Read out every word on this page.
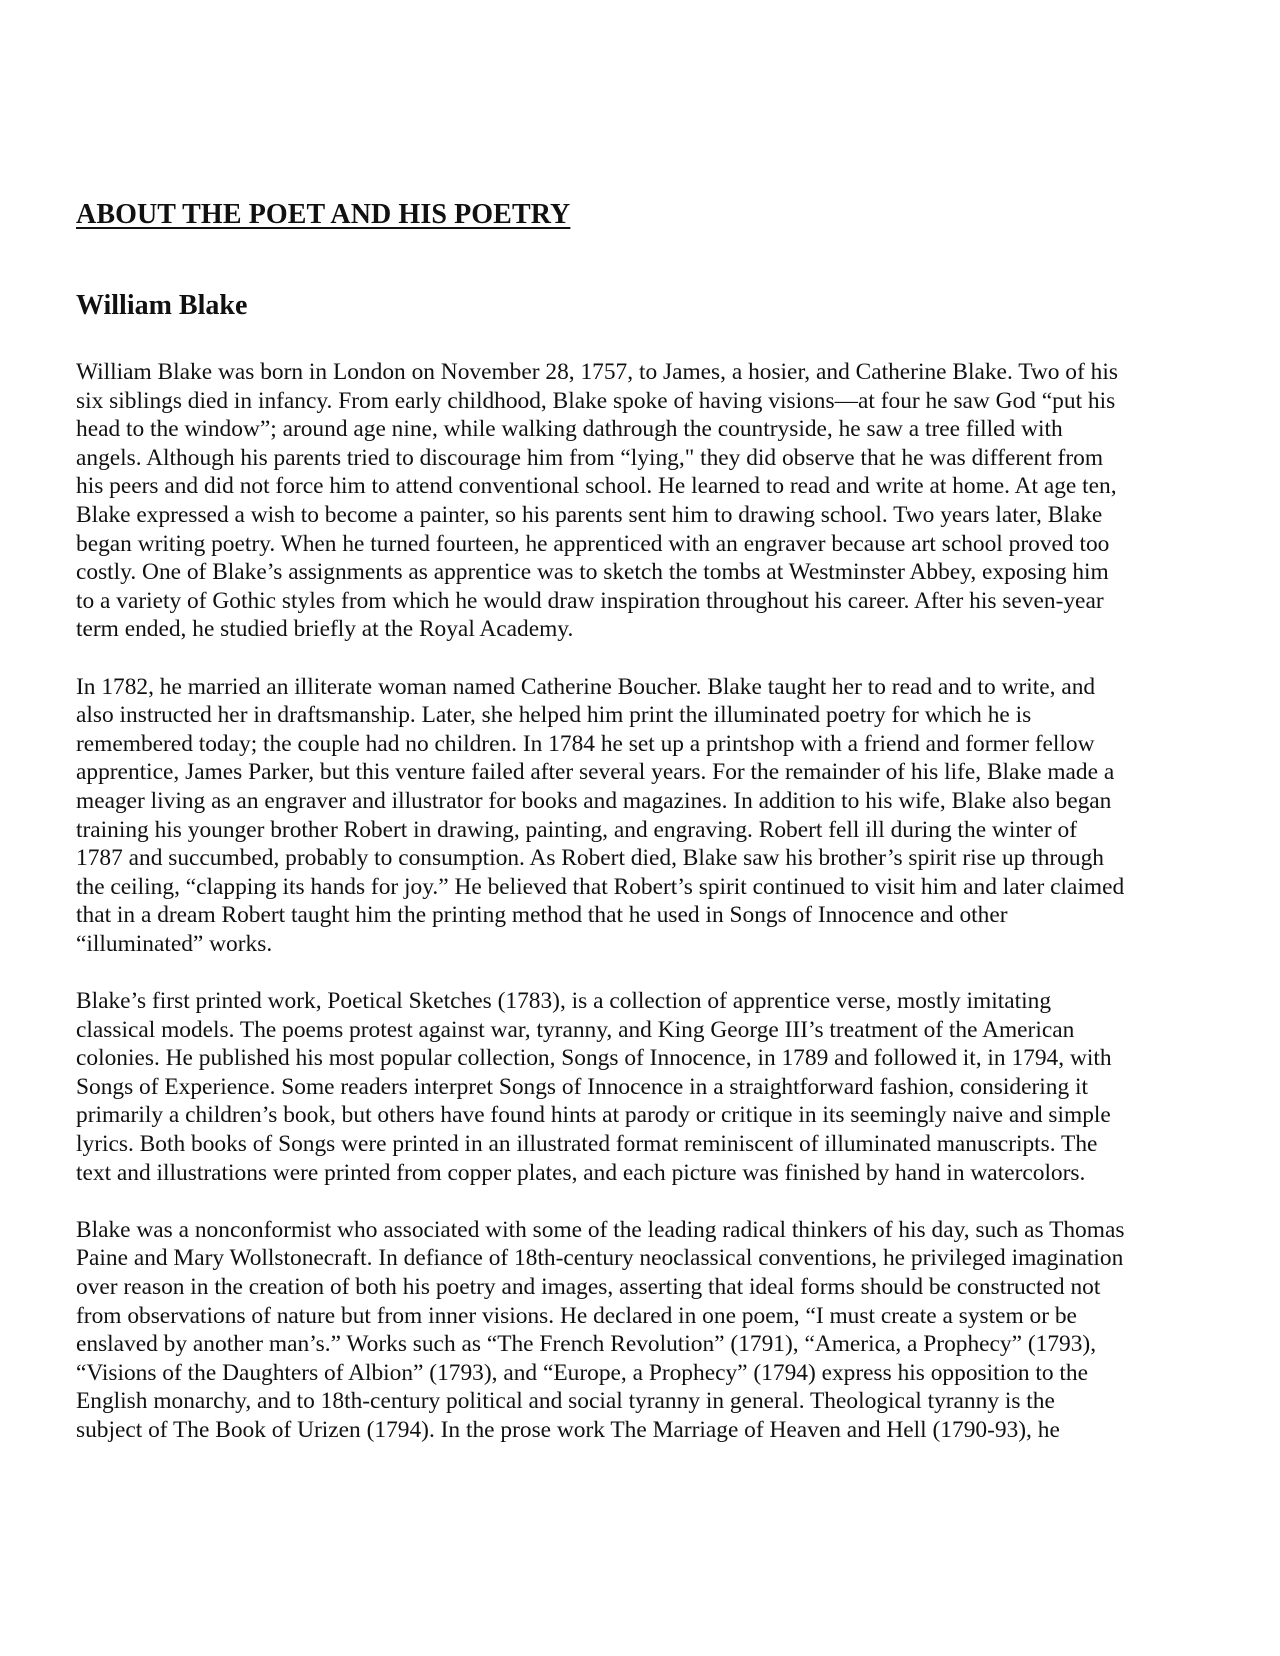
ABOUT THE POET AND HIS POETRY
William Blake
William Blake was born in London on November 28, 1757, to James, a hosier, and Catherine Blake. Two of his
six siblings died in infancy. From early childhood, Blake spoke of having visions—at four he saw God “put his
head to the window”; around age nine, while walking dathrough the countryside, he saw a tree filled with
angels. Although his parents tried to discourage him from “lying," they did observe that he was different from
his peers and did not force him to attend conventional school. He learned to read and write at home. At age ten,
Blake expressed a wish to become a painter, so his parents sent him to drawing school. Two years later, Blake
began writing poetry. When he turned fourteen, he apprenticed with an engraver because art school proved too
costly. One of Blake’s assignments as apprentice was to sketch the tombs at Westminster Abbey, exposing him
to a variety of Gothic styles from which he would draw inspiration throughout his career. After his seven-year
term ended, he studied briefly at the Royal Academy.
In 1782, he married an illiterate woman named Catherine Boucher. Blake taught her to read and to write, and
also instructed her in draftsmanship. Later, she helped him print the illuminated poetry for which he is
remembered today; the couple had no children. In 1784 he set up a printshop with a friend and former fellow
apprentice, James Parker, but this venture failed after several years. For the remainder of his life, Blake made a
meager living as an engraver and illustrator for books and magazines. In addition to his wife, Blake also began
training his younger brother Robert in drawing, painting, and engraving. Robert fell ill during the winter of
1787 and succumbed, probably to consumption. As Robert died, Blake saw his brother’s spirit rise up through
the ceiling, “clapping its hands for joy.” He believed that Robert’s spirit continued to visit him and later claimed
that in a dream Robert taught him the printing method that he used in Songs of Innocence and other
“illuminated” works.
Blake’s first printed work, Poetical Sketches (1783), is a collection of apprentice verse, mostly imitating
classical models. The poems protest against war, tyranny, and King George III’s treatment of the American
colonies. He published his most popular collection, Songs of Innocence, in 1789 and followed it, in 1794, with
Songs of Experience. Some readers interpret Songs of Innocence in a straightforward fashion, considering it
primarily a children’s book, but others have found hints at parody or critique in its seemingly naive and simple
lyrics. Both books of Songs were printed in an illustrated format reminiscent of illuminated manuscripts. The
text and illustrations were printed from copper plates, and each picture was finished by hand in watercolors.
Blake was a nonconformist who associated with some of the leading radical thinkers of his day, such as Thomas
Paine and Mary Wollstonecraft. In defiance of 18th-century neoclassical conventions, he privileged imagination
over reason in the creation of both his poetry and images, asserting that ideal forms should be constructed not
from observations of nature but from inner visions. He declared in one poem, “I must create a system or be
enslaved by another man’s.” Works such as “The French Revolution” (1791), “America, a Prophecy” (1793),
“Visions of the Daughters of Albion” (1793), and “Europe, a Prophecy” (1794) express his opposition to the
English monarchy, and to 18th-century political and social tyranny in general. Theological tyranny is the
subject of The Book of Urizen (1794). In the prose work The Marriage of Heaven and Hell (1790-93), he
